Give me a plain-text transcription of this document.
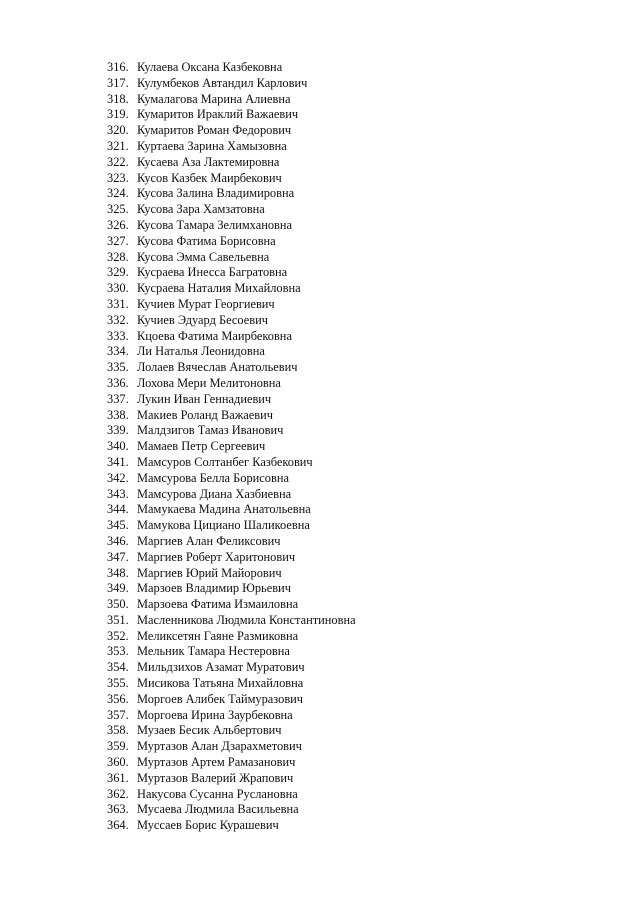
316. Кулаева Оксана Казбековна
317. Кулумбеков Автандил Карлович
318. Кумалагова Марина Алиевна
319. Кумаритов Ираклий Важаевич
320. Кумаритов Роман Федорович
321. Куртаева Зарина Хамызовна
322. Кусаева Аза Лактемировна
323. Кусов Казбек Маирбекович
324. Кусова Залина Владимировна
325. Кусова Зара Хамзатовна
326. Кусова Тамара Зелимхановна
327. Кусова Фатима Борисовна
328. Кусова Эмма Савельевна
329. Кусраева Инесса Багратовна
330. Кусраева Наталия Михайловна
331. Кучиев Мурат Георгиевич
332. Кучиев Эдуард Бесоевич
333. Кцоева Фатима Маирбековна
334. Ли Наталья Леонидовна
335. Лолаев Вячеслав Анатольевич
336. Лохова Мери Мелитоновна
337. Лукин Иван Геннадиевич
338. Макиев Роланд Важаевич
339. Малдзигов Тамаз Иванович
340. Мамаев Петр Сергеевич
341. Мамсуров Солтанбег Казбекович
342. Мамсурова Белла Борисовна
343. Мамсурова Диана Хазбиевна
344. Мамукаева Мадина Анатольевна
345. Мамукова Цициано Шаликоевна
346. Маргиев Алан Феликсович
347. Маргиев Роберт Харитонович
348. Маргиев Юрий Майорович
349. Марзоев Владимир Юрьевич
350. Марзоева Фатима Измаиловна
351. Масленникова Людмила Константиновна
352. Меликсетян Гаяне Размиковна
353. Мельник Тамара Нестеровна
354. Мильдзихов Азамат Муратович
355. Мисикова Татьяна Михайловна
356. Моргоев Алибек Таймуразович
357. Моргоева Ирина Заурбековна
358. Музаев Бесик Альбертович
359. Муртазов Алан Дзарахметович
360. Муртазов Артем Рамазанович
361. Муртазов Валерий Жрапович
362. Накусова Сусанна Руслановна
363. Мусаева Людмила Васильевна
364. Муссаев Борис Курашевич
